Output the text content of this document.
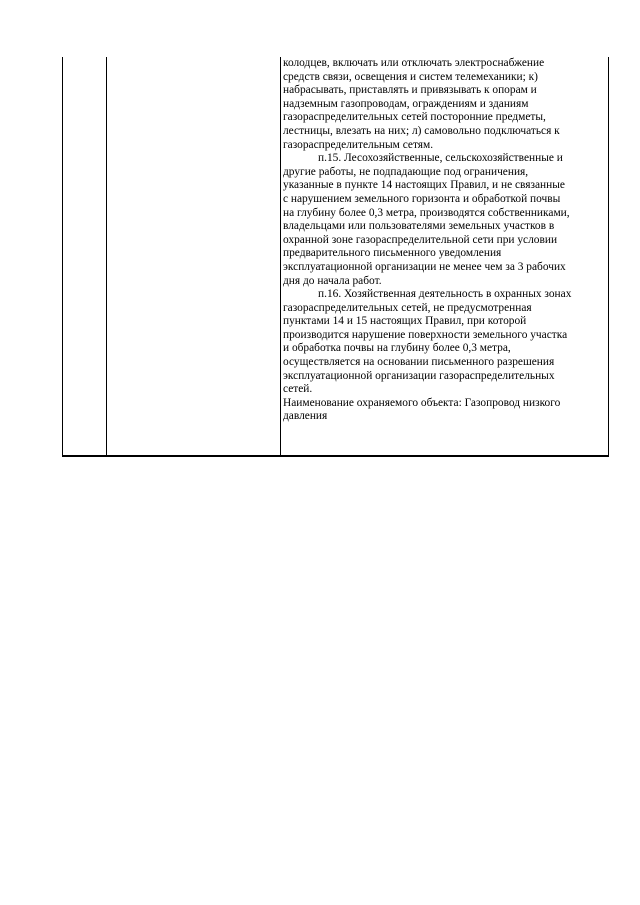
колодцев, включать или отключать электроснабжение
средств связи, освещения и систем телемеханики; к)
набрасывать, приставлять и привязывать к опорам и
надземным газопроводам, ограждениям и зданиям
газораспределительных сетей посторонние предметы,
лестницы, влезать на них; л) самовольно подключаться к
газораспределительным сетям.
п.15. Лесохозяйственные, сельскохозяйственные и
другие работы, не подпадающие под ограничения,
указанные в пункте 14 настоящих Правил, и не связанные
с нарушением земельного горизонта и обработкой почвы
на глубину более 0,3 метра, производятся собственниками,
владельцами или пользователями земельных участков в
охранной зоне газораспределительной сети при условии
предварительного письменного уведомления
эксплуатационной организации не менее чем за 3 рабочих
дня до начала работ.
п.16. Хозяйственная деятельность в охранных зонах
газораспределительных сетей, не предусмотренная
пунктами 14 и 15 настоящих Правил, при которой
производится нарушение поверхности земельного участка
и обработка почвы на глубину более 0,3 метра,
осуществляется на основании письменного разрешения
эксплуатационной организации газораспределительных
сетей.
Наименование охраняемого объекта: Газопровод низкого
давления
